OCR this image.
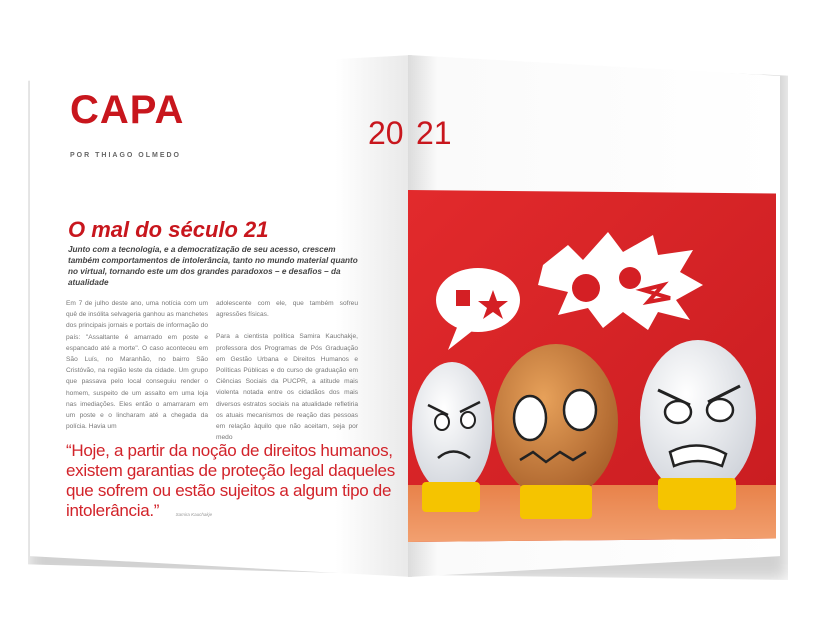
CAPA
POR THIAGO OLMEDO
20 21
O mal do século 21
Junto com a tecnologia, e a democratização de seu acesso, crescem também comportamentos de intolerância, tanto no mundo material quanto no virtual, tornando este um dos grandes paradoxos – e desafios – da atualidade

Em 7 de julho deste ano, uma notícia com um quê de insólita selvageria ganhou as manchetes dos principais jornais e portais de informação do país: "Assaltante é amarrado em poste e espancado até a morte". O caso aconteceu em São Luís, no Maranhão, no bairro São Cristóvão, na região leste da cidade. Um grupo que passava pelo local conseguiu render o homem, suspeito de um assalto em uma loja nas imediações. Eles então o amarraram em um poste e o lincharam até a chegada da polícia. Havia um

adolescente com ele, que também sofreu agressões físicas.

Para a cientista política Samira Kauchakje, professora dos Programas de Pós Graduação em Gestão Urbana e Direitos Humanos e Políticas Públicas e do curso de graduação em Ciências Sociais da PUCPR, a atitude mais violenta notada entre os cidadãos dos mais diversos estratos sociais na atualidade refletiria os atuais mecanismos de reação das pessoas em relação àquilo que não aceitam, seja por medo

“Hoje, a partir da noção de direitos humanos, existem garantias de proteção legal daqueles que sofrem ou estão sujeitos a algum tipo de intolerância.”	Samira Kauchakje
